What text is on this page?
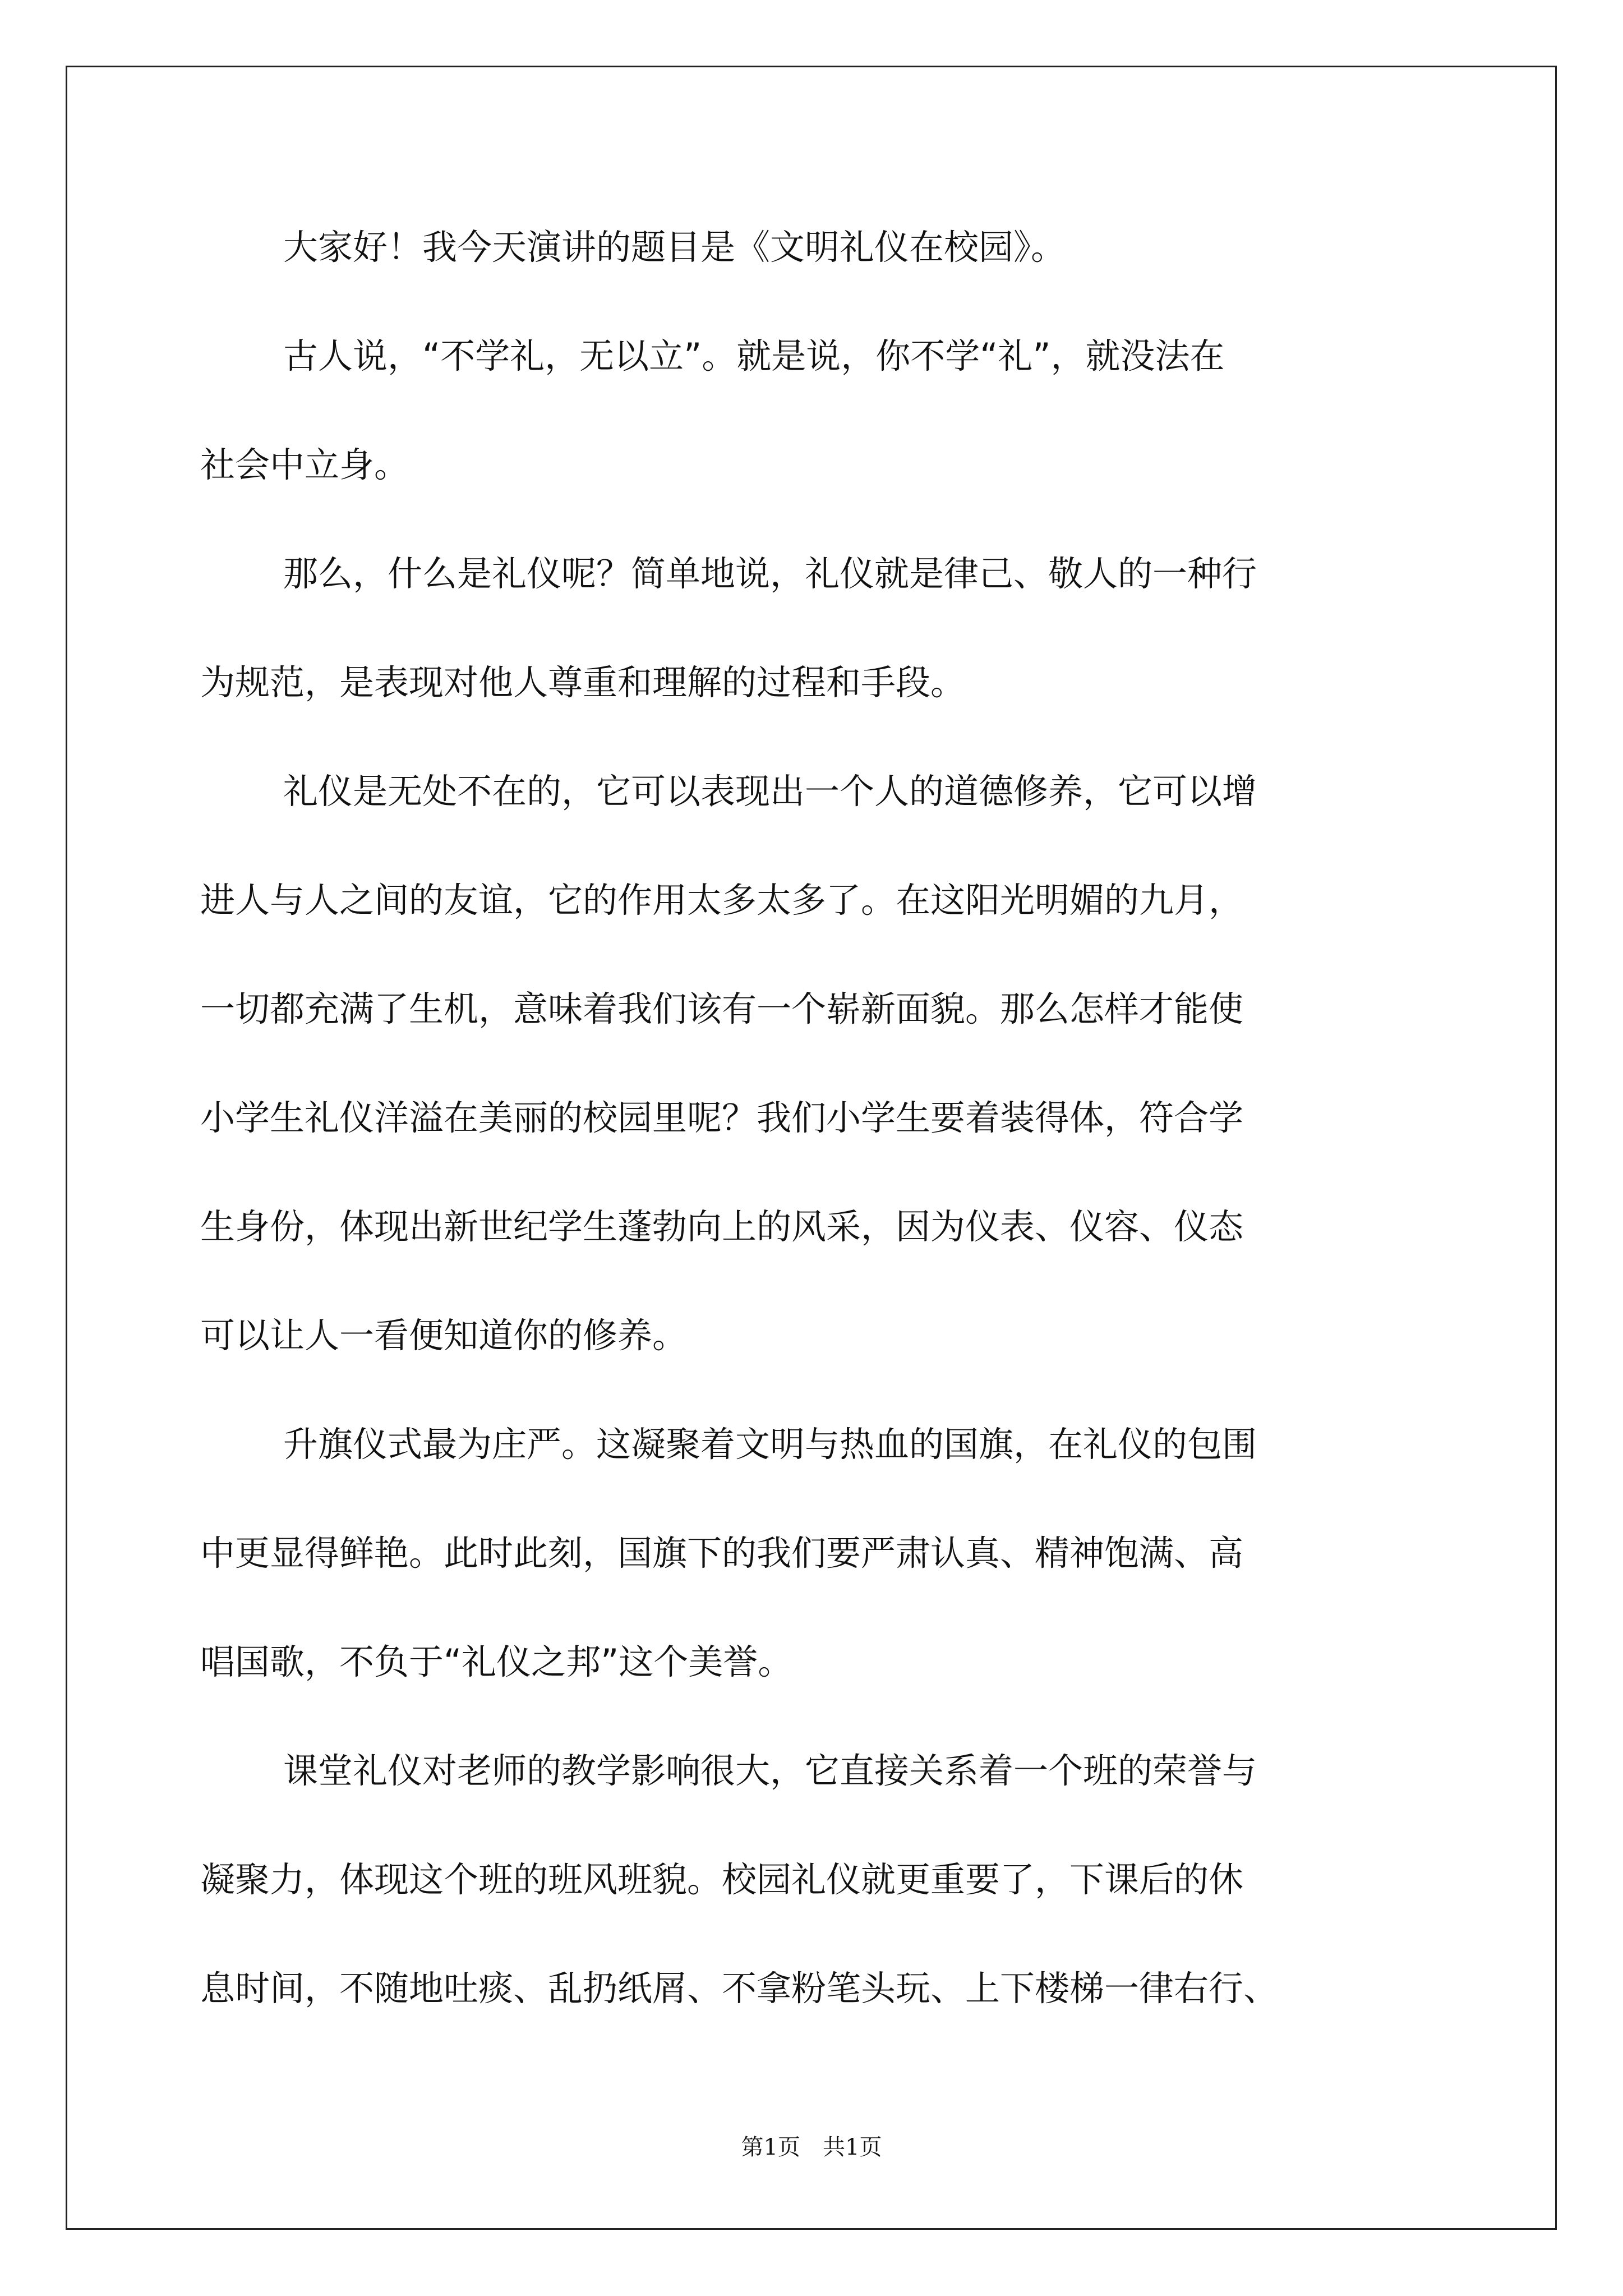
大家好！我今天演讲的题目是《文明礼仪在校园》。
古人说，“不学礼，无以立”。就是说，你不学“礼”，就没法在
社会中立身。
那么，什么是礼仪呢？简单地说，礼仪就是律己、敬人的一种行
为规范，是表现对他人尊重和理解的过程和手段。
礼仪是无处不在的，它可以表现出一个人的道德修养，它可以增
进人与人之间的友谊，它的作用太多太多了。在这阳光明媚的九月，
一切都充满了生机，意味着我们该有一个崭新面貌。那么怎样才能使
小学生礼仪洋溢在美丽的校园里呢？我们小学生要着装得体，符合学
生身份，体现出新世纪学生蓬勃向上的风采，因为仪表、仪容、仪态
可以让人一看便知道你的修养。
升旗仪式最为庄严。这凝聚着文明与热血的国旗，在礼仪的包围
中更显得鲜艳。此时此刻，国旗下的我们要严肃认真、精神饱满、高
唱国歌，不负于“礼仪之邦”这个美誉。
课堂礼仪对老师的教学影响很大，它直接关系着一个班的荣誉与
凝聚力，体现这个班的班风班貌。校园礼仪就更重要了，下课后的休
息时间，不随地吐痰、乱扔纸屑、不拿粉笔头玩、上下楼梯一律右行、
第1页　共1页
